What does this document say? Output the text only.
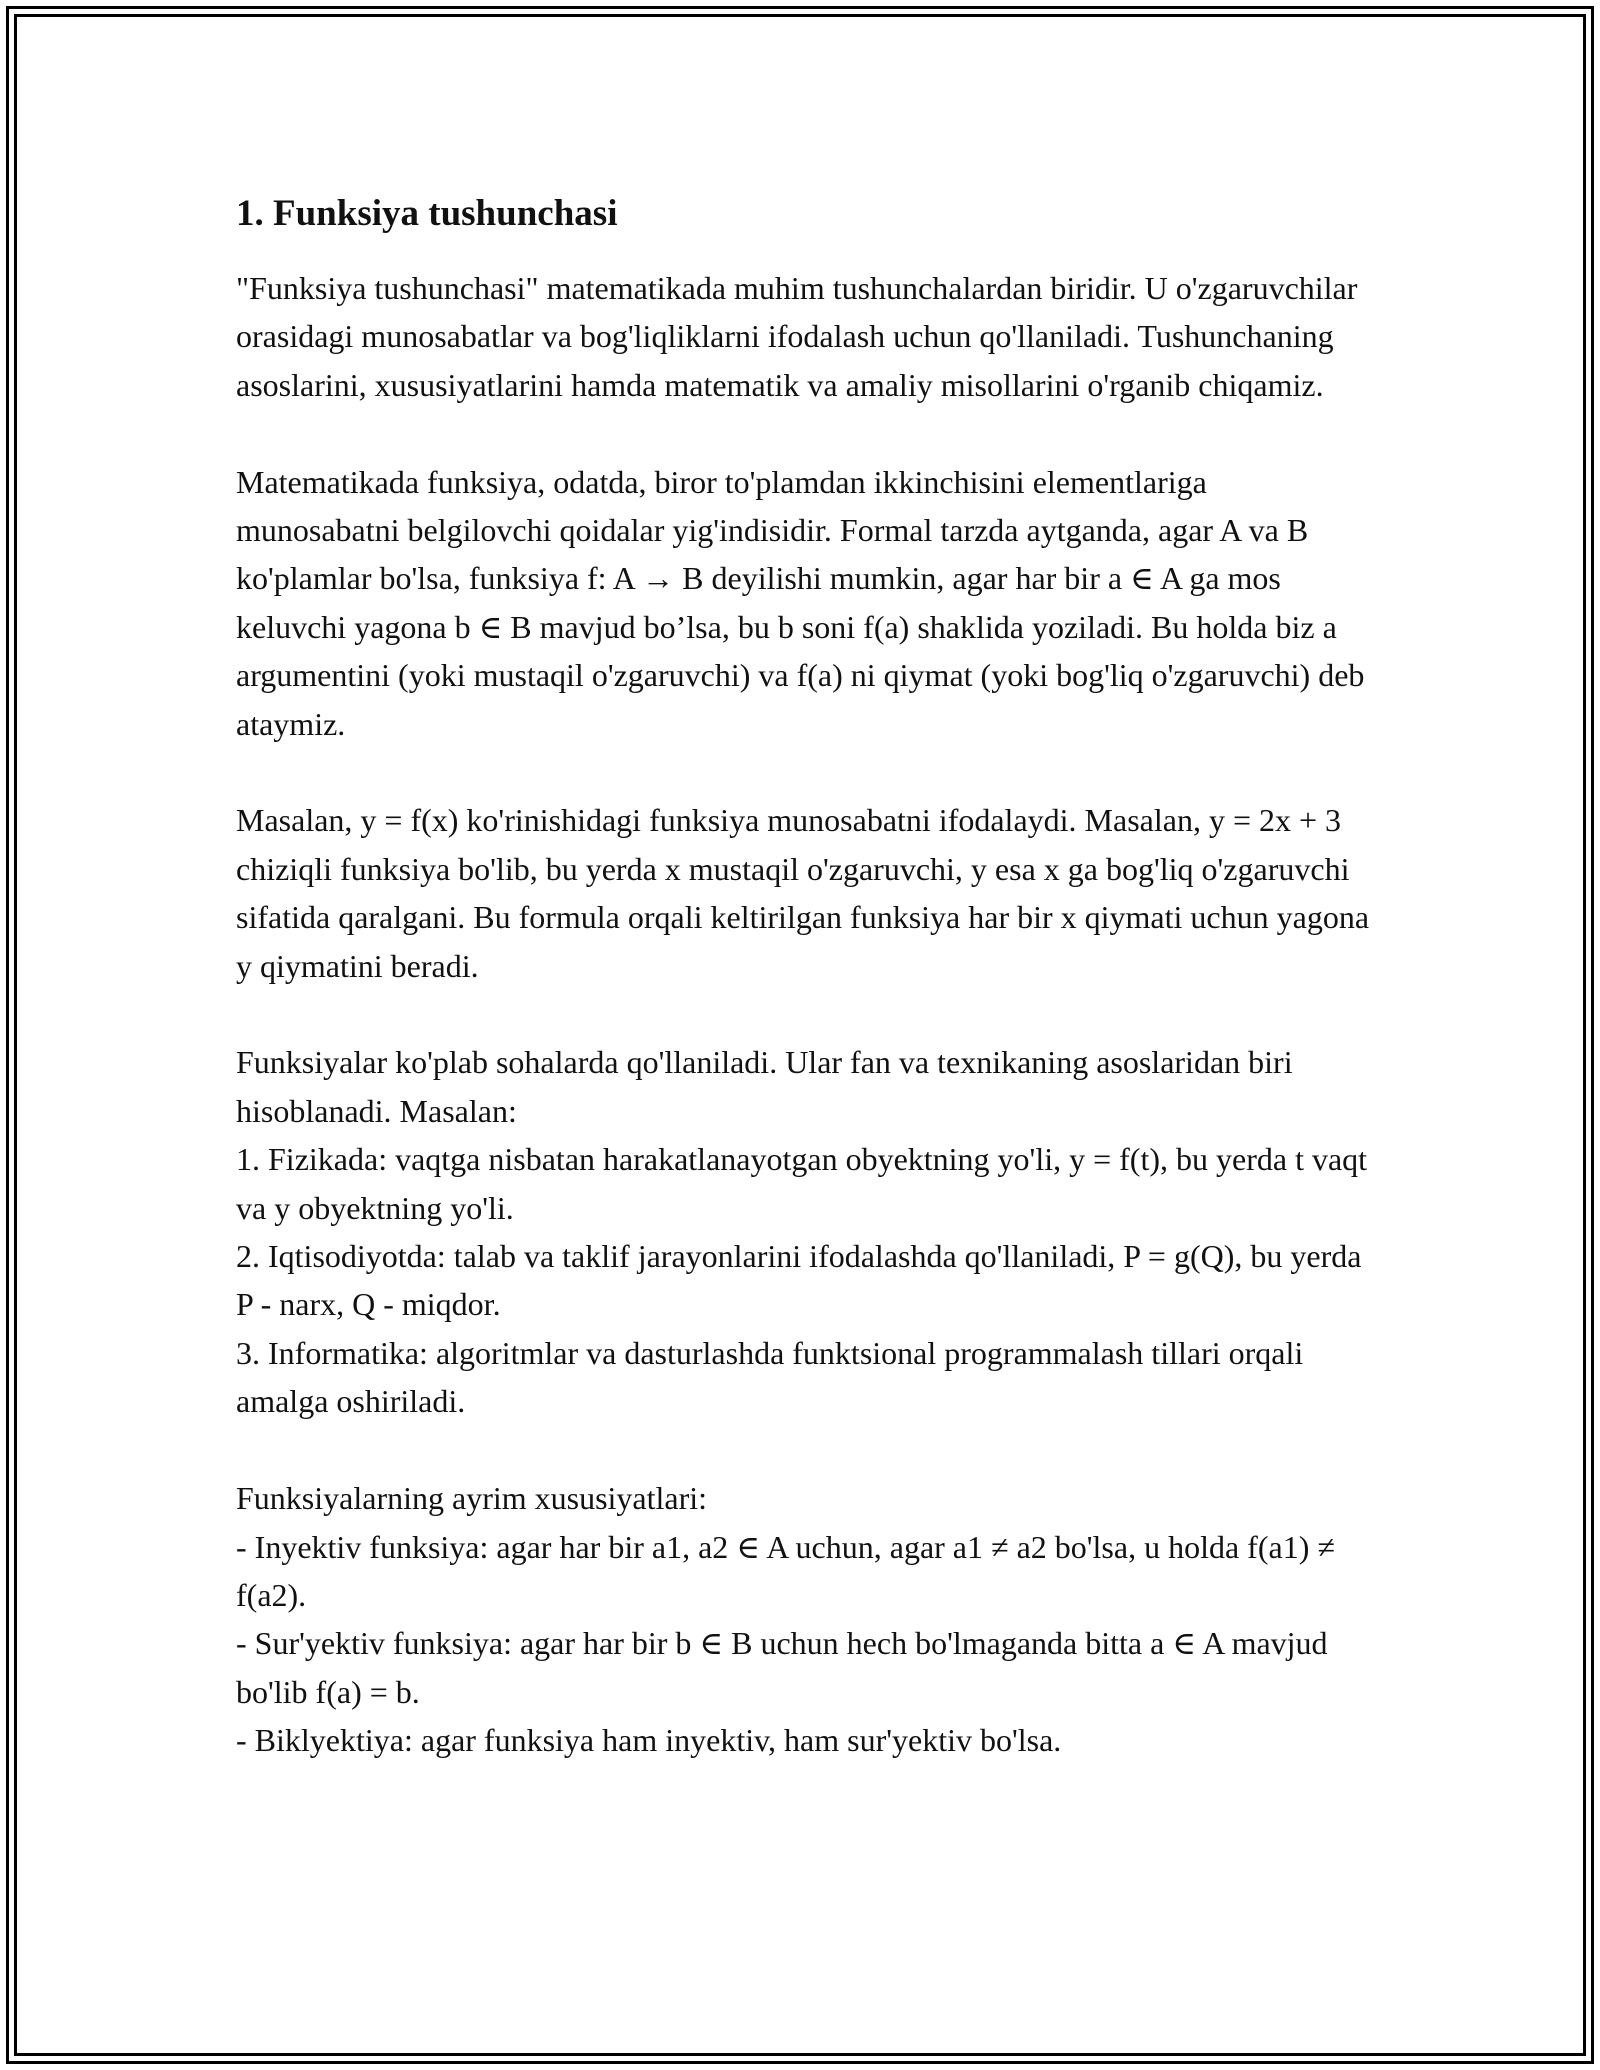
1. Funksiya tushunchasi

"Funksiya tushunchasi" matematikada muhim tushunchalardan biridir. U o'zgaruvchilar orasidagi munosabatlar va bog'liqliklarni ifodalash uchun qo'llaniladi. Tushunchaning asoslarini, xususiyatlarini hamda matematik va amaliy misollarini o'rganib chiqamiz.

Matematikada funksiya, odatda, biror to'plamdan ikkinchisini elementlariga munosabatni belgilovchi qoidalar yig'indisidir. Formal tarzda aytganda, agar A va B ko'plamlar bo'lsa, funksiya f: A → B deyilishi mumkin, agar har bir a ∈ A ga mos keluvchi yagona b ∈ B mavjud bo’lsa, bu b soni f(a) shaklida yoziladi. Bu holda biz a argumentini (yoki mustaqil o'zgaruvchi) va f(a) ni qiymat (yoki bog'liq o'zgaruvchi) deb ataymiz.

Masalan, y = f(x) ko'rinishidagi funksiya munosabatni ifodalaydi. Masalan, y = 2x + 3 chiziqli funksiya bo'lib, bu yerda x mustaqil o'zgaruvchi, y esa x ga bog'liq o'zgaruvchi sifatida qaralgani. Bu formula orqali keltirilgan funksiya har bir x qiymati uchun yagona y qiymatini beradi.

Funksiyalar ko'plab sohalarda qo'llaniladi. Ular fan va texnikaning asoslaridan biri hisoblanadi. Masalan:
1. Fizikada: vaqtga nisbatan harakatlanayotgan obyektning yo'li, y = f(t), bu yerda t vaqt va y obyektning yo'li.
2. Iqtisodiyotda: talab va taklif jarayonlarini ifodalashda qo'llaniladi, P = g(Q), bu yerda P - narx, Q - miqdor.
3. Informatika: algoritmlar va dasturlashda funktsional programmalash tillari orqali amalga oshiriladi.

Funksiyalarning ayrim xususiyatlari:
- Inyektiv funksiya: agar har bir a1, a2 ∈ A uchun, agar a1 ≠ a2 bo'lsa, u holda f(a1) ≠ f(a2).
- Sur'yektiv funksiya: agar har bir b ∈ B uchun hech bo'lmaganda bitta a ∈ A mavjud bo'lib f(a) = b.
- Biklyektiya: agar funksiya ham inyektiv, ham sur'yektiv bo'lsa.
